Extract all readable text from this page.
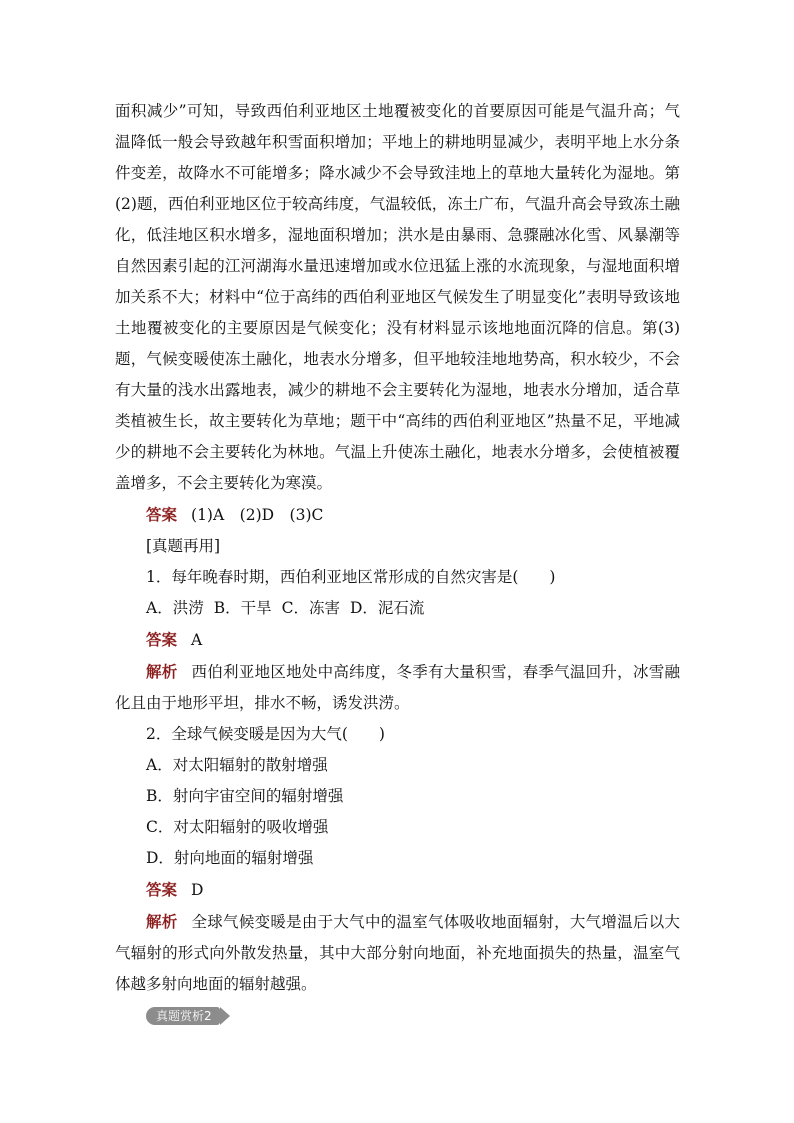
面积减少”可知，导致西伯利亚地区土地覆被变化的首要原因可能是气温升高；气温降低一般会导致越年积雪面积增加；平地上的耕地明显减少，表明平地上水分条件变差，故降水不可能增多；降水减少不会导致洼地上的草地大量转化为湿地。第(2)题，西伯利亚地区位于较高纬度，气温较低，冻土广布，气温升高会导致冻土融化，低洼地区积水增多，湿地面积增加；洪水是由暴雨、急骤融冰化雪、风暴潮等自然因素引起的江河湖海水量迅速增加或水位迅猛上涨的水流现象，与湿地面积增加关系不大；材料中“位于高纬的西伯利亚地区气候发生了明显变化”表明导致该地土地覆被变化的主要原因是气候变化；没有材料显示该地地面沉降的信息。第(3)题，气候变暖使冻土融化，地表水分增多，但平地较洼地地势高，积水较少，不会有大量的浅水出露地表，减少的耕地不会主要转化为湿地，地表水分增加，适合草类植被生长，故主要转化为草地；题干中“高纬的西伯利亚地区”热量不足，平地减少的耕地不会主要转化为林地。气温上升使冻土融化，地表水分增多，会使植被覆盖增多，不会主要转化为寒漠。

答案 (1)A　(2)D　(3)C

[真题再用]

1．每年晚春时期，西伯利亚地区常形成的自然灾害是(　　)

A．洪涝 B．干旱 C．冻害 D．泥石流

答案 A

解析 西伯利亚地区地处中高纬度，冬季有大量积雪，春季气温回升，冰雪融化且由于地形平坦，排水不畅，诱发洪涝。

2．全球气候变暖是因为大气(　　)

A．对太阳辐射的散射增强

B．射向宇宙空间的辐射增强

C．对太阳辐射的吸收增强

D．射向地面的辐射增强

答案 D

解析 全球气候变暖是由于大气中的温室气体吸收地面辐射，大气增温后以大气辐射的形式向外散发热量，其中大部分射向地面，补充地面损失的热量，温室气体越多射向地面的辐射越强。

真题赏析2
